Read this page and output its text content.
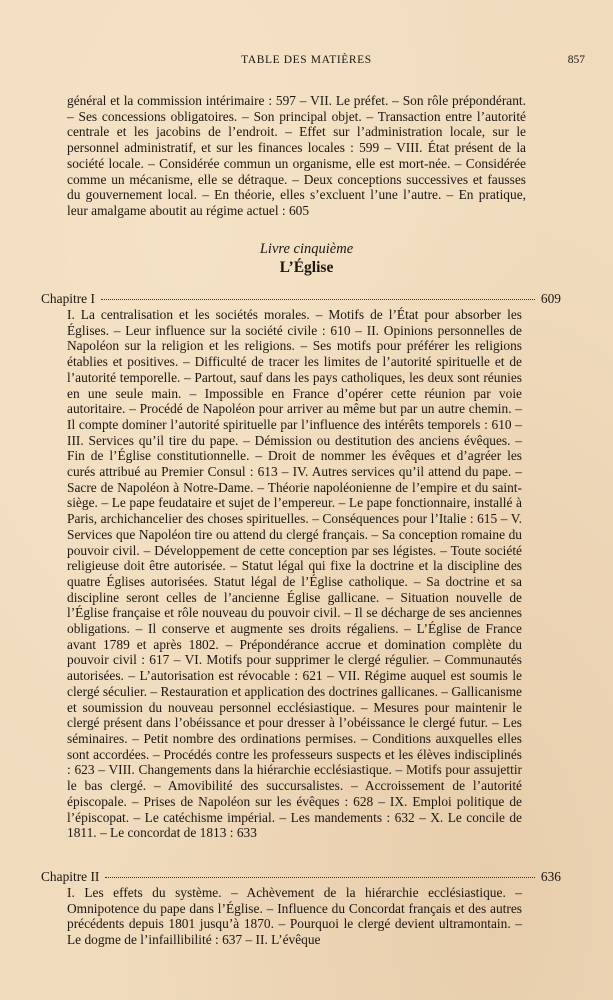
TABLE DES MATIÈRES	857
général et la commission intérimaire : 597 – VII. Le préfet. – Son rôle prépondérant. – Ses concessions obligatoires. – Son principal objet. – Transaction entre l’autorité centrale et les jacobins de l’endroit. – Effet sur l’administration locale, sur le personnel administratif, et sur les finances locales : 599 – VIII. État présent de la société locale. – Considérée commun un organisme, elle est mort-née. – Considérée comme un mécanisme, elle se détraque. – Deux conceptions successives et fausses du gouvernement local. – En théorie, elles s’excluent l’une l’autre. – En pratique, leur amalgame aboutit au régime actuel : 605
Livre cinquième
L’Église
Chapitre I	609
I. La centralisation et les sociétés morales. – Motifs de l’État pour absorber les Églises. – Leur influence sur la société civile : 610 – II. Opinions personnelles de Napoléon sur la religion et les religions. – Ses motifs pour préférer les religions établies et positives. – Difficulté de tracer les limites de l’autorité spirituelle et de l’autorité temporelle. – Partout, sauf dans les pays catholiques, les deux sont réunies en une seule main. – Impossible en France d’opérer cette réunion par voie autoritaire. – Procédé de Napoléon pour arriver au même but par un autre chemin. – Il compte dominer l’autorité spirituelle par l’influence des intérêts temporels : 610 – III. Services qu’il tire du pape. – Démission ou destitution des anciens évêques. – Fin de l’Église constitutionnelle. – Droit de nommer les évêques et d’agréer les curés attribué au Premier Consul : 613 – IV. Autres services qu’il attend du pape. – Sacre de Napoléon à Notre-Dame. – Théorie napoléonienne de l’empire et du saint-siège. – Le pape feudataire et sujet de l’empereur. – Le pape fonctionnaire, installé à Paris, archichancelier des choses spirituelles. – Conséquences pour l’Italie : 615 – V. Services que Napoléon tire ou attend du clergé français. – Sa conception romaine du pouvoir civil. – Développement de cette conception par ses légistes. – Toute société religieuse doit être autorisée. – Statut légal qui fixe la doctrine et la discipline des quatre Églises autorisées. Statut légal de l’Église catholique. – Sa doctrine et sa discipline seront celles de l’ancienne Église gallicane. – Situation nouvelle de l’Église française et rôle nouveau du pouvoir civil. – Il se décharge de ses anciennes obligations. – Il conserve et augmente ses droits régaliens. – L’Église de France avant 1789 et après 1802. – Prépondérance accrue et domination complète du pouvoir civil : 617 – VI. Motifs pour supprimer le clergé régulier. – Communautés autorisées. – L’autorisation est révocable : 621 – VII. Régime auquel est soumis le clergé séculier. – Restauration et application des doctrines gallicanes. – Gallicanisme et soumission du nouveau personnel ecclésiastique. – Mesures pour maintenir le clergé présent dans l’obéissance et pour dresser à l’obéissance le clergé futur. – Les séminaires. – Petit nombre des ordinations permises. – Conditions auxquelles elles sont accordées. – Procédés contre les professeurs suspects et les élèves indisciplinés : 623 – VIII. Changements dans la hiérarchie ecclésiastique. – Motifs pour assujettir le bas clergé. – Amovibilité des succursalistes. – Accroissement de l’autorité épiscopale. – Prises de Napoléon sur les évêques : 628 – IX. Emploi politique de l’épiscopat. – Le catéchisme impérial. – Les mandements : 632 – X. Le concile de 1811. – Le concordat de 1813 : 633
Chapitre II	636
I. Les effets du système. – Achèvement de la hiérarchie ecclésiastique. – Omnipotence du pape dans l’Église. – Influence du Concordat français et des autres précédents depuis 1801 jusqu’à 1870. – Pourquoi le clergé devient ultramontain. – Le dogme de l’infaillibilité : 637 – II. L’évêque
